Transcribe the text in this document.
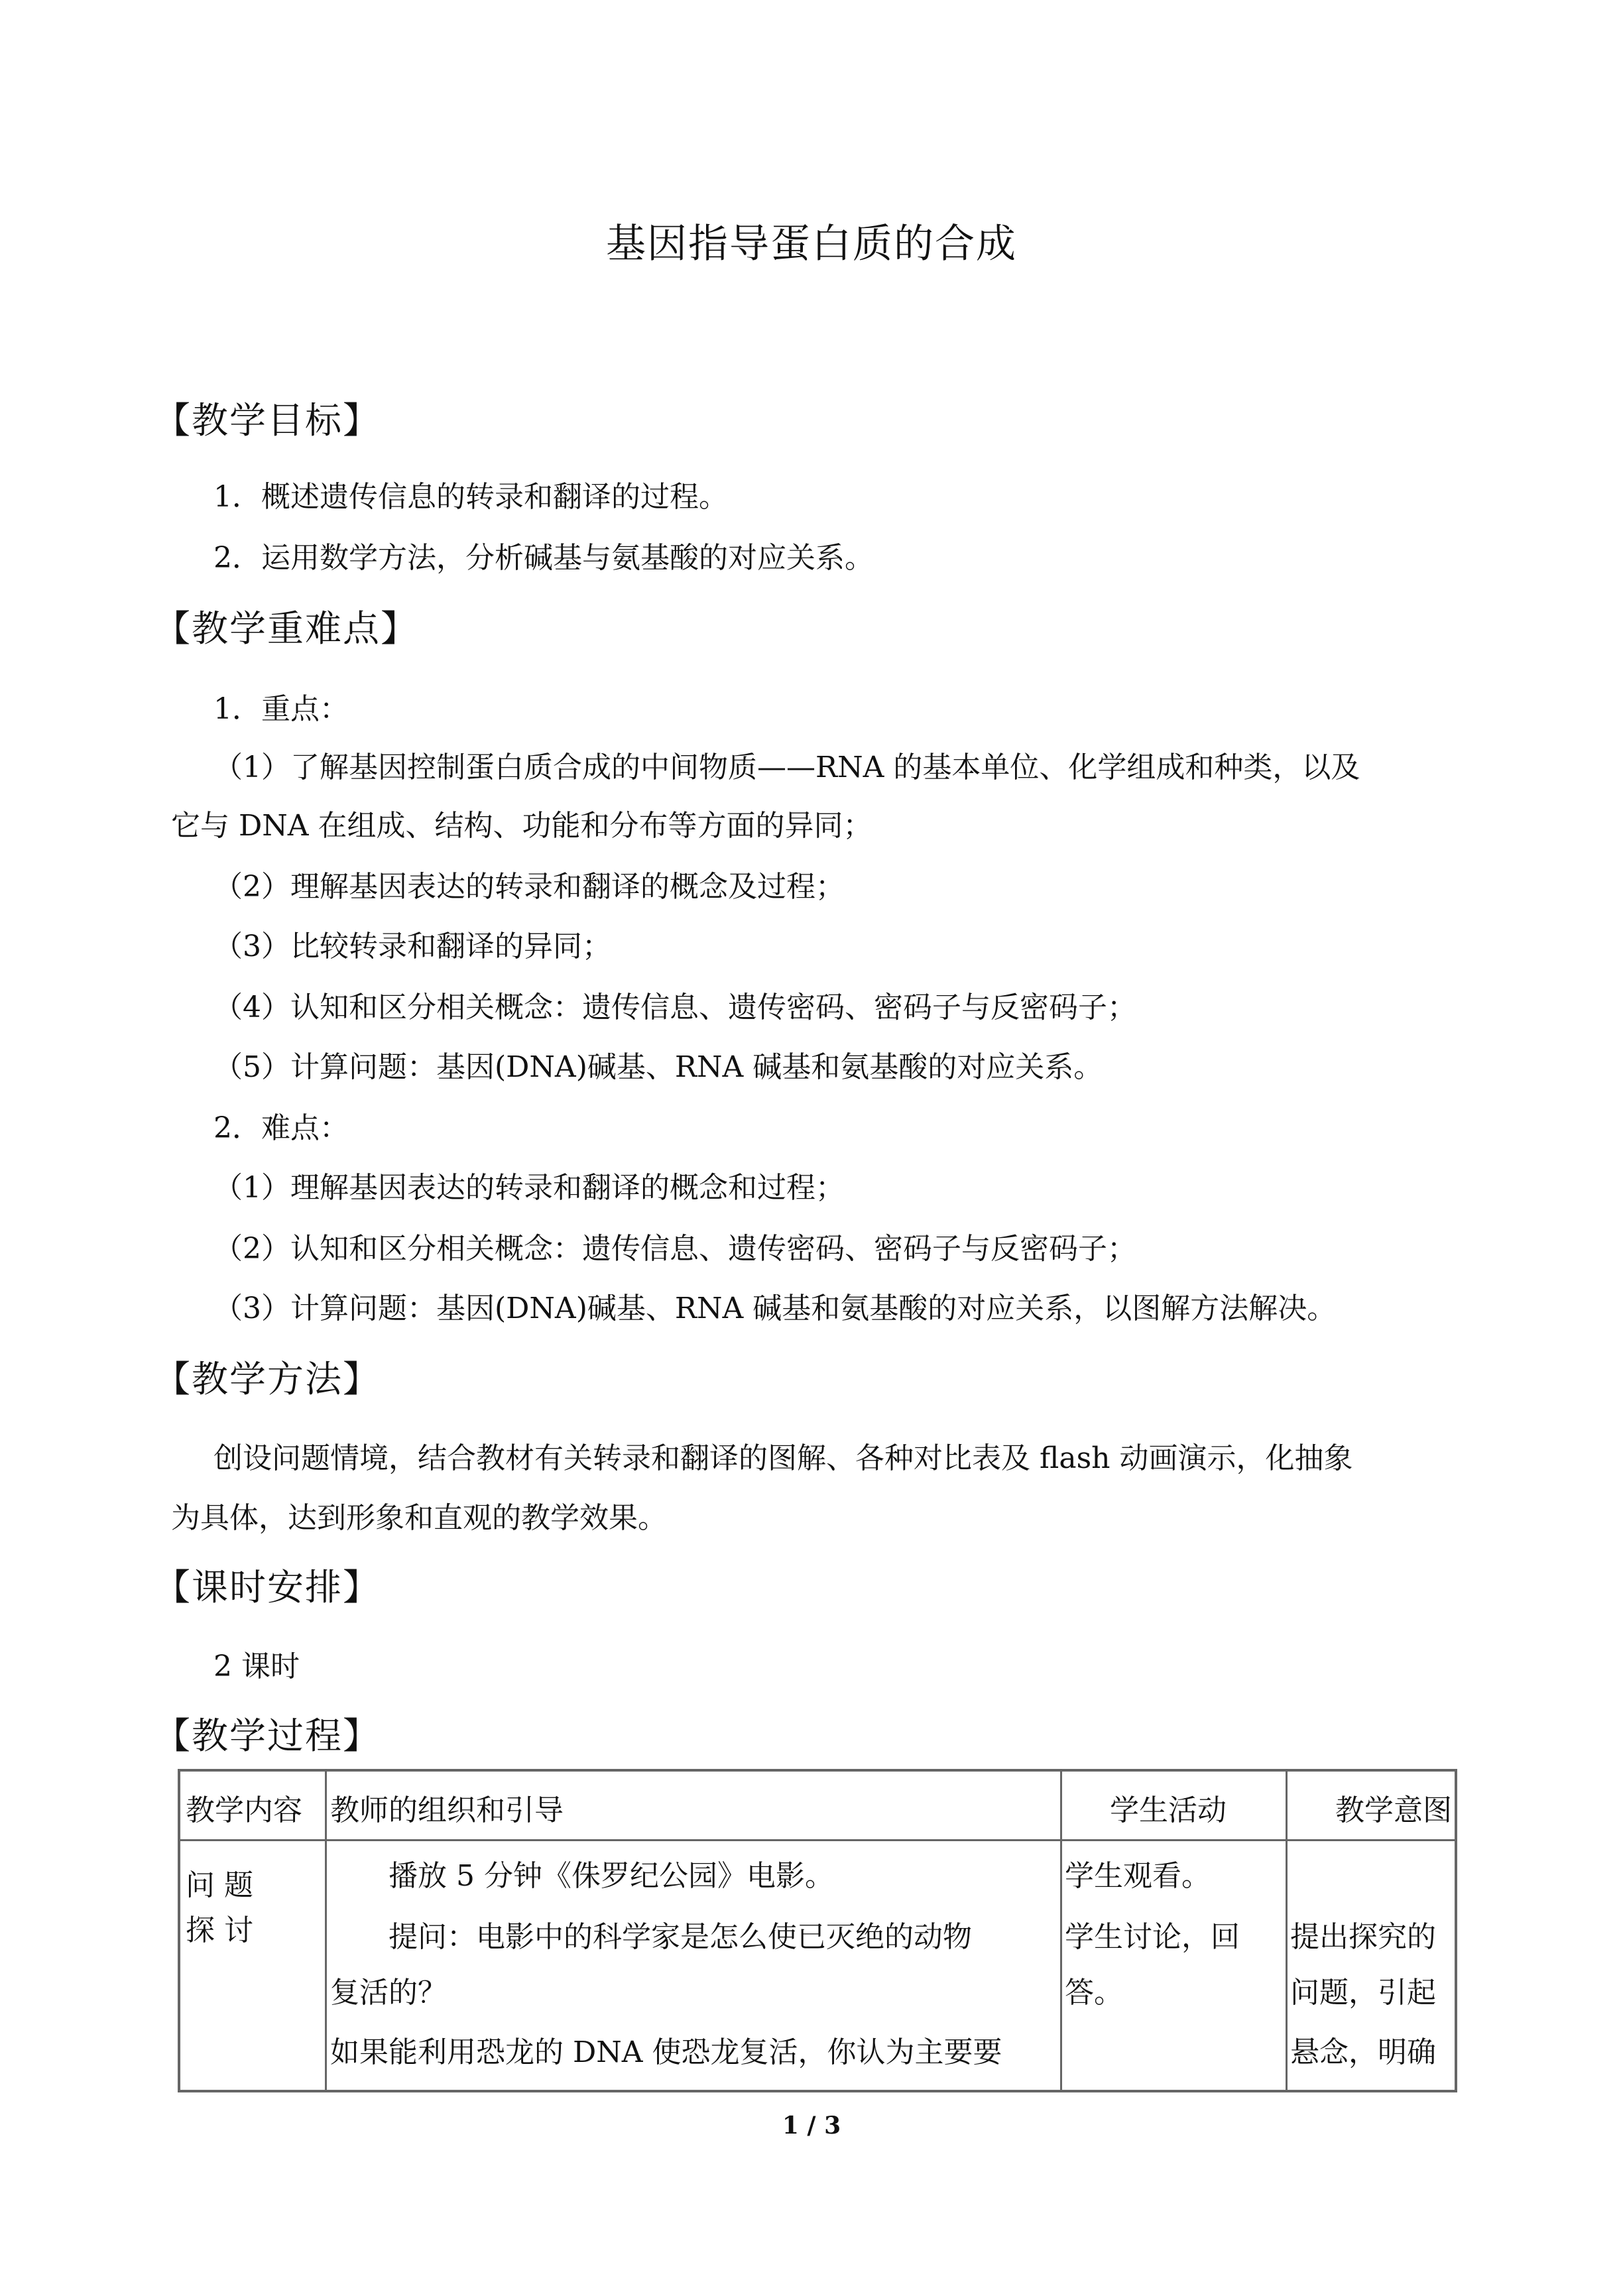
基因指导蛋白质的合成
【教学目标】
1．概述遗传信息的转录和翻译的过程。
2．运用数学方法，分析碱基与氨基酸的对应关系。
【教学重难点】
1．重点：
（1）了解基因控制蛋白质合成的中间物质——RNA 的基本单位、化学组成和种类，以及
它与 DNA 在组成、结构、功能和分布等方面的异同；
（2）理解基因表达的转录和翻译的概念及过程；
（3）比较转录和翻译的异同；
（4）认知和区分相关概念：遗传信息、遗传密码、密码子与反密码子；
（5）计算问题：基因(DNA)碱基、RNA 碱基和氨基酸的对应关系。
2．难点：
（1）理解基因表达的转录和翻译的概念和过程；
（2）认知和区分相关概念：遗传信息、遗传密码、密码子与反密码子；
（3）计算问题：基因(DNA)碱基、RNA 碱基和氨基酸的对应关系，以图解方法解决。
【教学方法】
创设问题情境，结合教材有关转录和翻译的图解、各种对比表及 flash 动画演示，化抽象
为具体，达到形象和直观的教学效果。
【课时安排】
2 课时
【教学过程】
教学内容 教师的组织和引导	学生活动	教学意图
问 题
探 讨
播放 5 分钟《侏罗纪公园》电影。
提问：电影中的科学家是怎么使已灭绝的动物
复活的？
如果能利用恐龙的 DNA 使恐龙复活，你认为主要要
学生观看。
学生讨论，回
答。
提出探究的
问题，引起
悬念，明确
1 / 3
